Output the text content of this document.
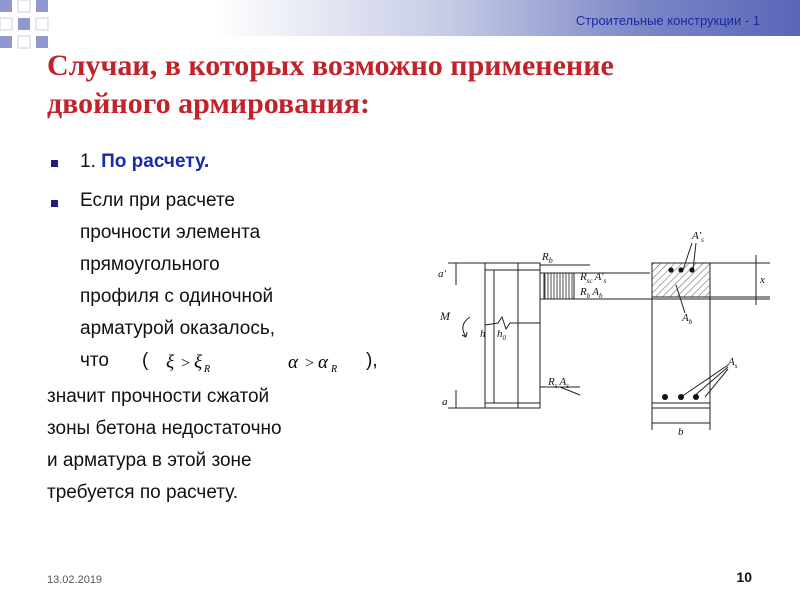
Строительные конструкции - 1
Случаи, в которых возможно применение
двойного армирования:

1. По расчету.

Если при расчете

прочности элемента

прямоугольного

профиля с одиночной

арматурой оказалось,

что ( ξ > ξ R	α > α R ),

значит прочности сжатой

зоны бетона недостаточно

и арматура в этой зоне

требуется по расчету.

$R_b$
$R_{sc}$ $A'_s$
$R_b$ $A_b$
$R_s$ $A_s$
M
a'
a
h $h_0$
x
b
$A'_s$
$A_b$
$A_s$
13.02.2019	10
